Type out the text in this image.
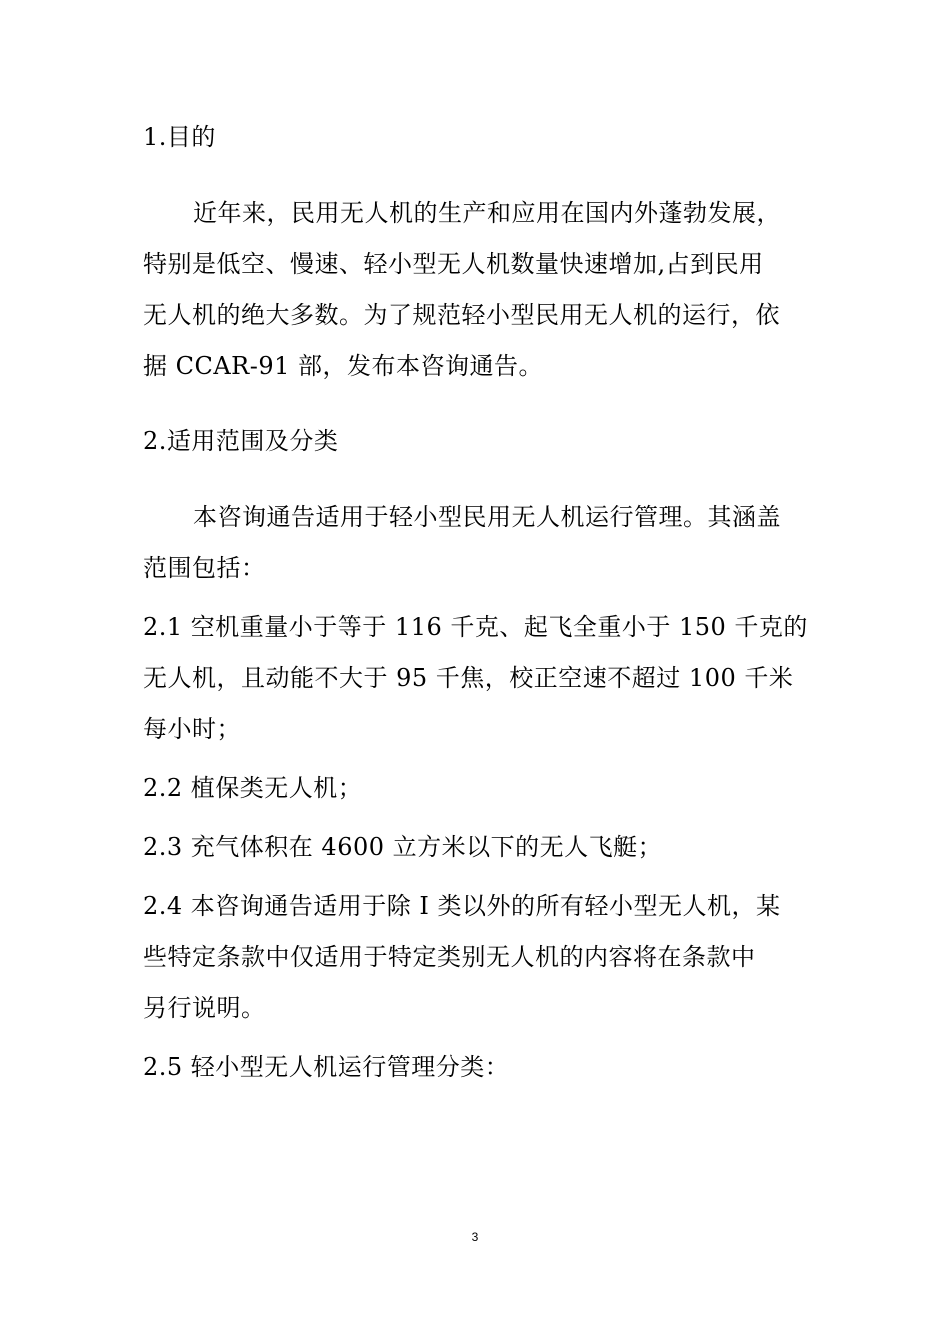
1.目的
近年来，民用无人机的生产和应用在国内外蓬勃发展，
特别是低空、慢速、轻小型无人机数量快速增加,占到民用
无人机的绝大多数。为了规范轻小型民用无人机的运行，依
据 CCAR-91 部，发布本咨询通告。
2.适用范围及分类
本咨询通告适用于轻小型民用无人机运行管理。其涵盖
范围包括：
2.1 空机重量小于等于 116 千克、起飞全重小于 150 千克的
无人机，且动能不大于 95 千焦，校正空速不超过 100 千米
每小时；
2.2 植保类无人机；
2.3 充气体积在 4600 立方米以下的无人飞艇；
2.4 本咨询通告适用于除 I 类以外的所有轻小型无人机，某
些特定条款中仅适用于特定类别无人机的内容将在条款中
另行说明。
2.5 轻小型无人机运行管理分类：
3
